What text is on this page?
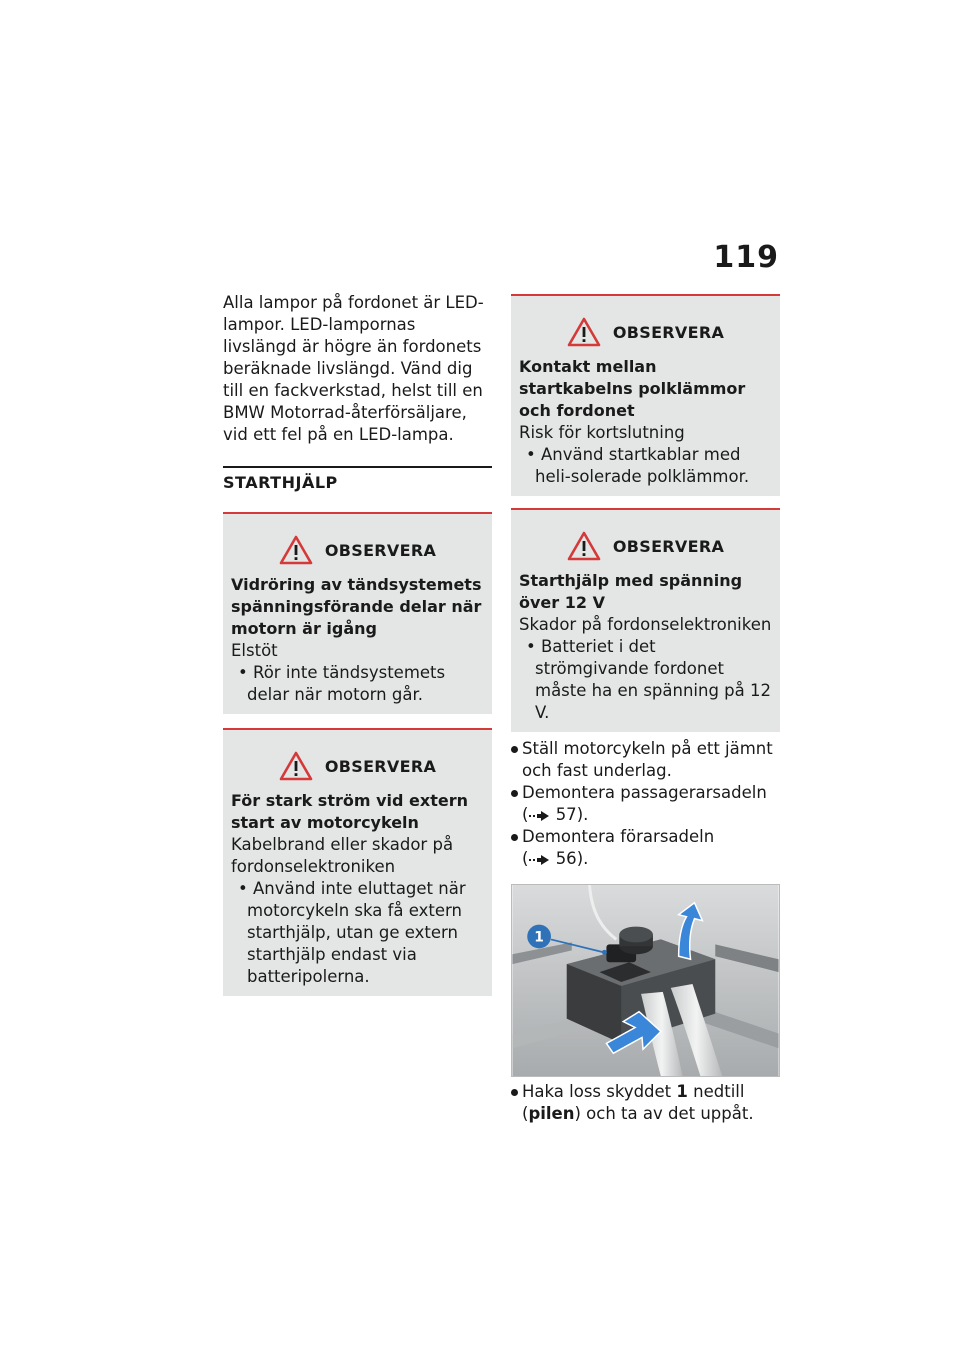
119

Alla lampor på fordonet är LED-lampor. LED-lampornas livslängd är högre än fordonets beräknade livslängd. Vänd dig till en fackverkstad, helst till en BMW Motorrad-återförsäljare, vid ett fel på en LED-lampa.

STARTHJÄLP
OBSERVERA

Vidröring av tändsystemets spänningsförande delar när motorn är igång

Elstöt

• Rör inte tändsystemets delar när motorn går.

OBSERVERA

För stark ström vid extern start av motorcykeln

Kabelbrand eller skador på fordonselektroniken

• Använd inte eluttaget när motorcykeln ska få extern starthjälp, utan ge extern starthjälp endast via batteripolerna.

OBSERVERA

Kontakt mellan startkabelns polklämmor och fordonet

Risk för kortslutning

• Använd startkablar med heli-solerade polklämmor.

OBSERVERA

Starthjälp med spänning över 12 V

Skador på fordonselektroniken

• Batteriet i det strömgivande fordonet måste ha en spänning på 12 V.

Ställ motorcykeln på ett jämnt och fast underlag.
Demontera passagerarsadeln
( 57).
Demontera förarsadeln
( 56).
1
Haka loss skyddet 1 nedtill
(pilen) och ta av det uppåt.
